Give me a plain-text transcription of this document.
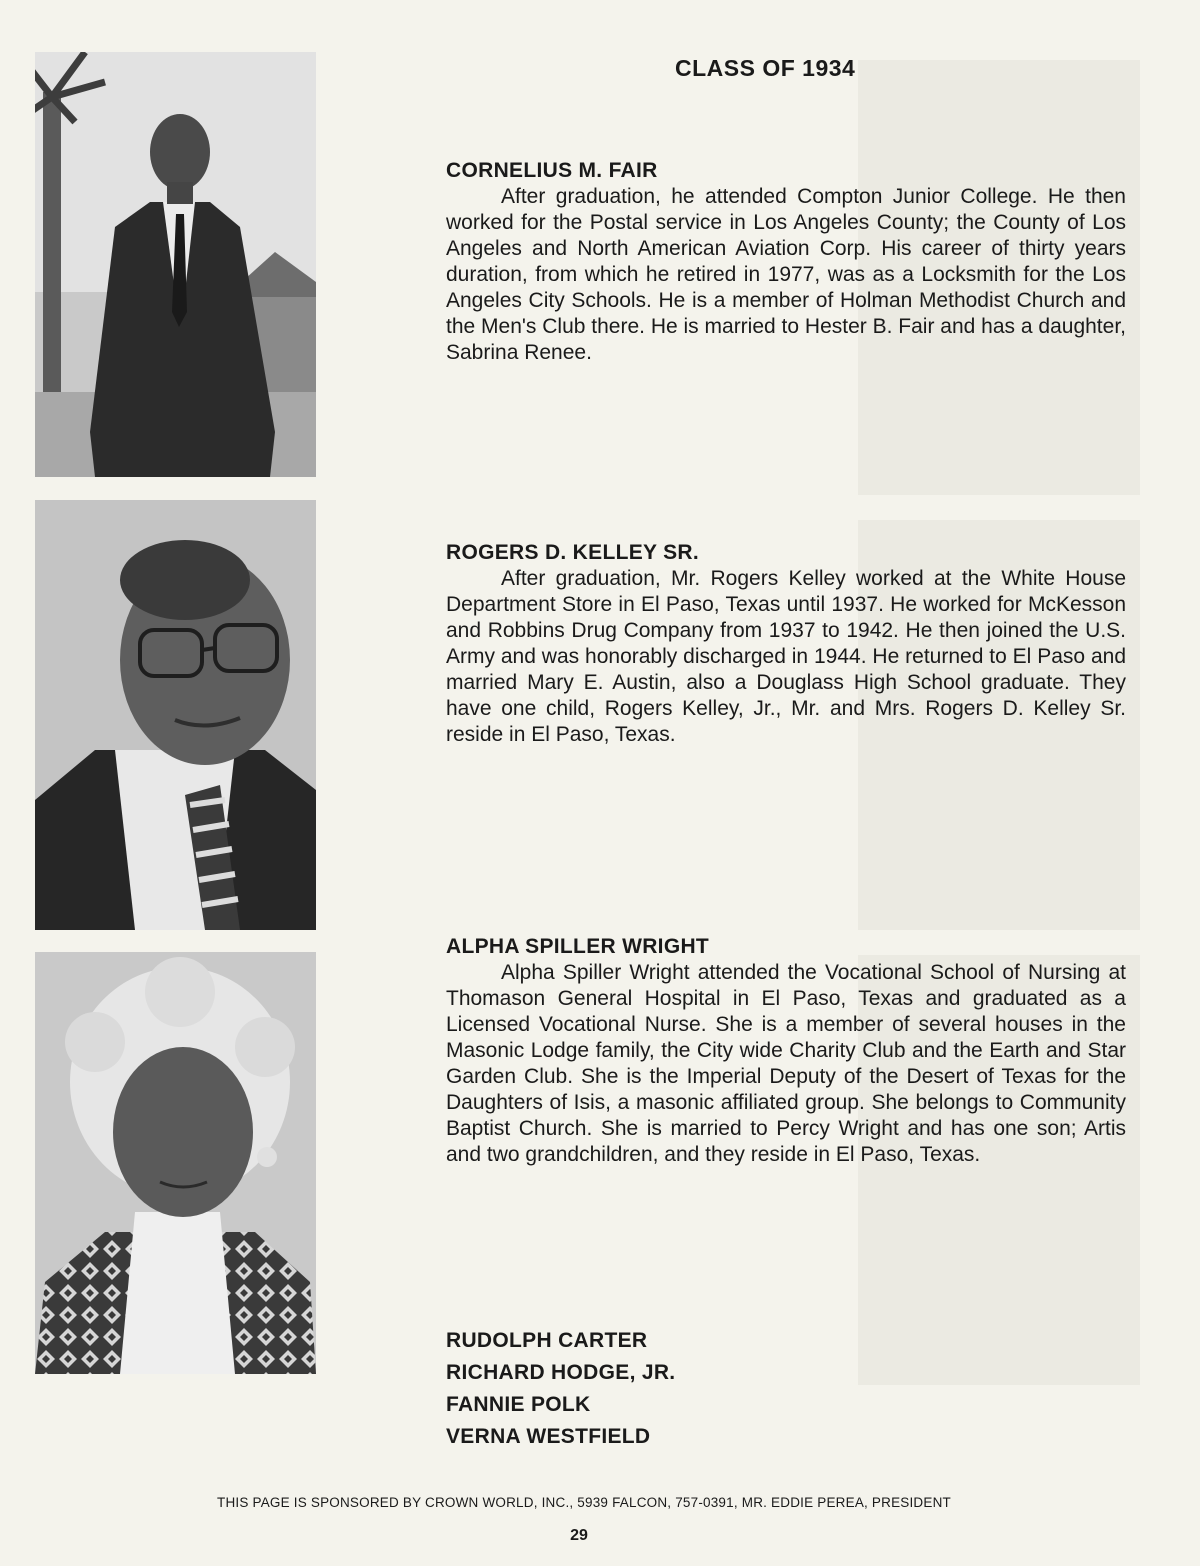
CLASS OF 1934
CORNELIUS M. FAIR

After graduation, he attended Compton Junior College. He then worked for the Postal service in Los Angeles County; the County of Los Angeles and North American Aviation Corp. His career of thirty years duration, from which he retired in 1977, was as a Locksmith for the Los Angeles City Schools. He is a member of Holman Methodist Church and the Men's Club there. He is married to Hester B. Fair and has a daughter, Sabrina Renee.

ROGERS D. KELLEY SR.

After graduation, Mr. Rogers Kelley worked at the White House Department Store in El Paso, Texas until 1937. He worked for McKesson and Robbins Drug Company from 1937 to 1942. He then joined the U.S. Army and was honorably discharged in 1944. He returned to El Paso and married Mary E. Austin, also a Douglass High School graduate. They have one child, Rogers Kelley, Jr., Mr. and Mrs. Rogers D. Kelley Sr. reside in El Paso, Texas.

ALPHA SPILLER WRIGHT

Alpha Spiller Wright attended the Vocational School of Nursing at Thomason General Hospital in El Paso, Texas and graduated as a Licensed Vocational Nurse. She is a member of several houses in the Masonic Lodge family, the City wide Charity Club and the Earth and Star Garden Club. She is the Imperial Deputy of the Desert of Texas for the Daughters of Isis, a masonic affiliated group. She belongs to Community Baptist Church. She is married to Percy Wright and has one son; Artis and two grandchildren, and they reside in El Paso, Texas.

RUDOLPH CARTER
RICHARD HODGE, JR.
FANNIE POLK
VERNA WESTFIELD
THIS PAGE IS SPONSORED BY CROWN WORLD, INC., 5939 FALCON, 757-0391, MR. EDDIE PEREA, PRESIDENT
29
